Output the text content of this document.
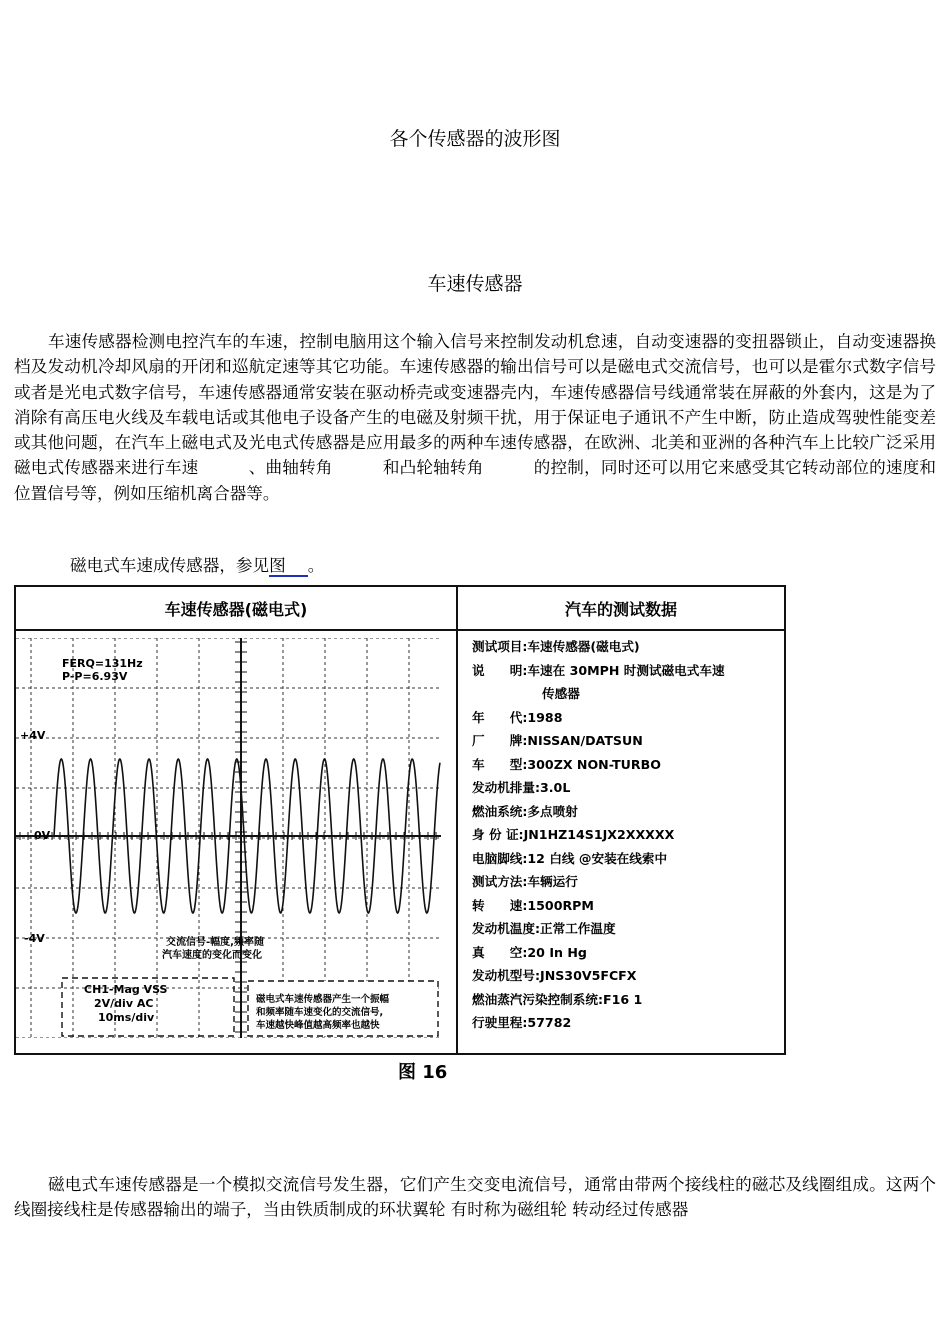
各个传感器的波形图
车速传感器

车速传感器检测电控汽车的车速，控制电脑用这个输入信号来控制发动机怠速，自动变速器的变扭器锁止，自动变速器换档及发动机冷却风扇的开闭和巡航定速等其它功能。车速传感器的输出信号可以是磁电式交流信号，也可以是霍尔式数字信号或者是光电式数字信号，车速传感器通常安装在驱动桥壳或变速器壳内，车速传感器信号线通常装在屏蔽的外套内，这是为了消除有高压电火线及车载电话或其他电子设备产生的电磁及射频干扰，用于保证电子通讯不产生中断，防止造成驾驶性能变差或其他问题，在汽车上磁电式及光电式传感器是应用最多的两种车速传感器，在欧洲、北美和亚洲的各种汽车上比较广泛采用磁电式传感器来进行车速　　　、曲轴转角　　　和凸轮轴转角　　　的控制，同时还可以用它来感受其它转动部位的速度和位置信号等，例如压缩机离合器等。

磁电式车速成传感器，参见图 。
车速传感器(磁电式)	汽车的测试数据
测试项目:车速传感器(磁电式)
说　　明:车速在 30MPH 时测试磁电式车速
传感器
年　　代:1988
厂　　牌:NISSAN/DATSUN
车　　型:300ZX NON-TURBO
发动机排量:3.0L
燃油系统:多点喷射
身 份 证:JN1HZ14S1JX2XXXXX
电脑脚线:12 白线 @安装在线索中
测试方法:车辆运行
转　　速:1500RPM
发动机温度:正常工作温度
真　　空:20 In Hg
发动机型号:JNS30V5FCFX
燃油蒸汽污染控制系统:F16 1
行驶里程:57782
FERQ=131Hz
P-P=6.93V
+4V
0V
-4V	交流信号-幅度,频率随
汽车速度的变化而变化
CH1-Mag VSS
2V/div AC
10ms/div
磁电式车速传感器产生一个振幅
和频率随车速变化的交流信号,
车速越快峰值越高频率也越快
图 16

磁电式车速传感器是一个模拟交流信号发生器，它们产生交变电流信号，通常由带两个接线柱的磁芯及线圈组成。这两个线圈接线柱是传感器输出的端子，当由铁质制成的环状翼轮 有时称为磁组轮 转动经过传感器
